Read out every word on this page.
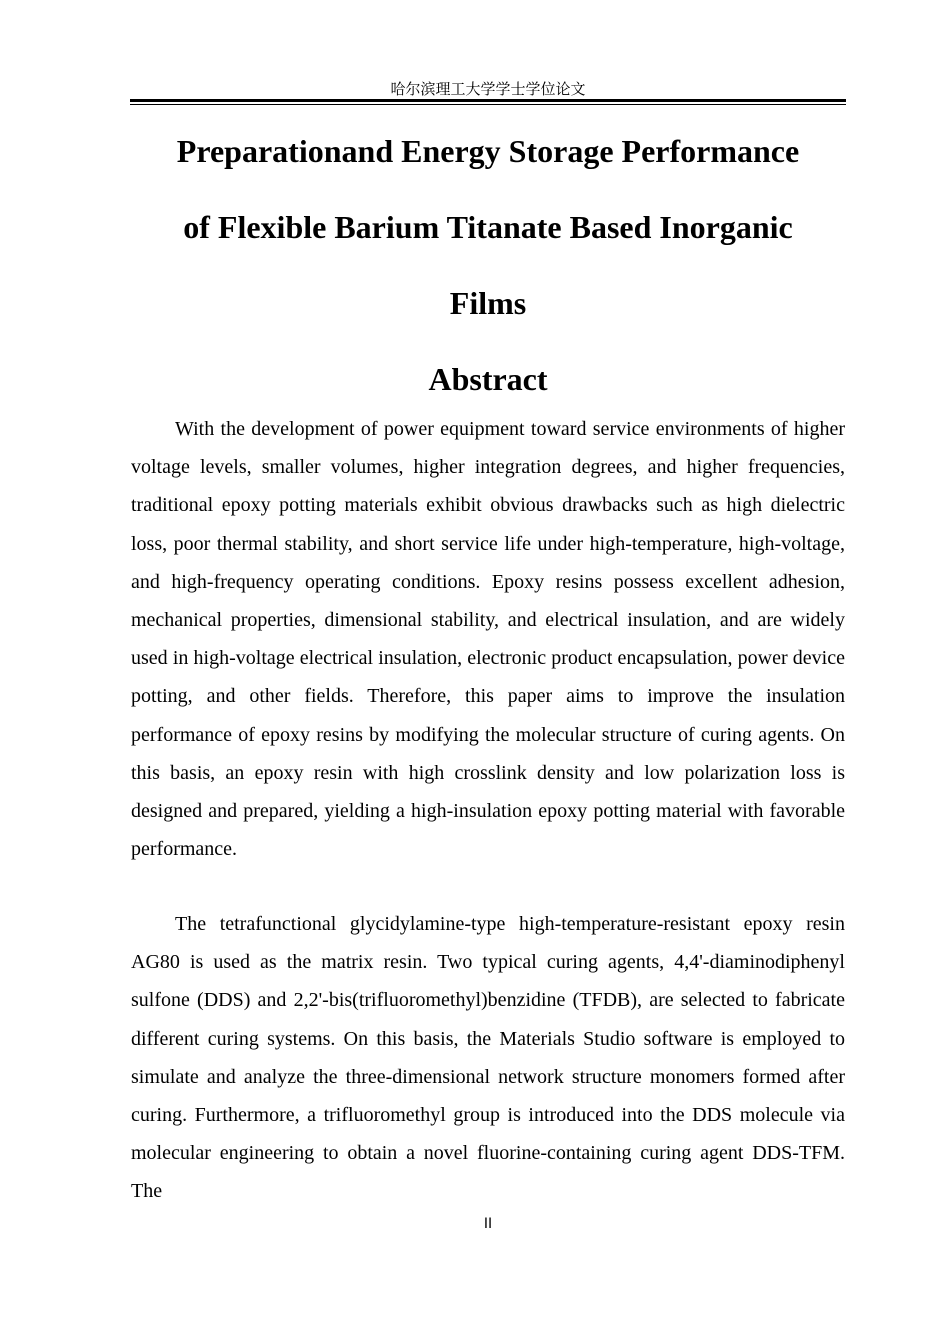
哈尔滨理工大学学士学位论文
Preparationand Energy Storage Performance
of Flexible Barium Titanate Based Inorganic
Films
Abstract

With the development of power equipment toward service environments of higher voltage levels, smaller volumes, higher integration degrees, and higher frequencies, traditional epoxy potting materials exhibit obvious drawbacks such as high dielectric loss, poor thermal stability, and short service life under high-temperature, high-voltage, and high-frequency operating conditions. Epoxy resins possess excellent adhesion, mechanical properties, dimensional stability, and electrical insulation, and are widely used in high-voltage electrical insulation, electronic product encapsulation, power device potting, and other fields. Therefore, this paper aims to improve the insulation performance of epoxy resins by modifying the molecular structure of curing agents. On this basis, an epoxy resin with high crosslink density and low polarization loss is designed and prepared, yielding a high-insulation epoxy potting material with favorable performance.

The tetrafunctional glycidylamine-type high-temperature-resistant epoxy resin AG80 is used as the matrix resin. Two typical curing agents, 4,4'-diaminodiphenyl sulfone (DDS) and 2,2'-bis(trifluoromethyl)benzidine (TFDB), are selected to fabricate different curing systems. On this basis, the Materials Studio software is employed to simulate and analyze the three-dimensional network structure monomers formed after curing. Furthermore, a trifluoromethyl group is introduced into the DDS molecule via molecular engineering to obtain a novel fluorine-containing curing agent DDS-TFM. The

II
